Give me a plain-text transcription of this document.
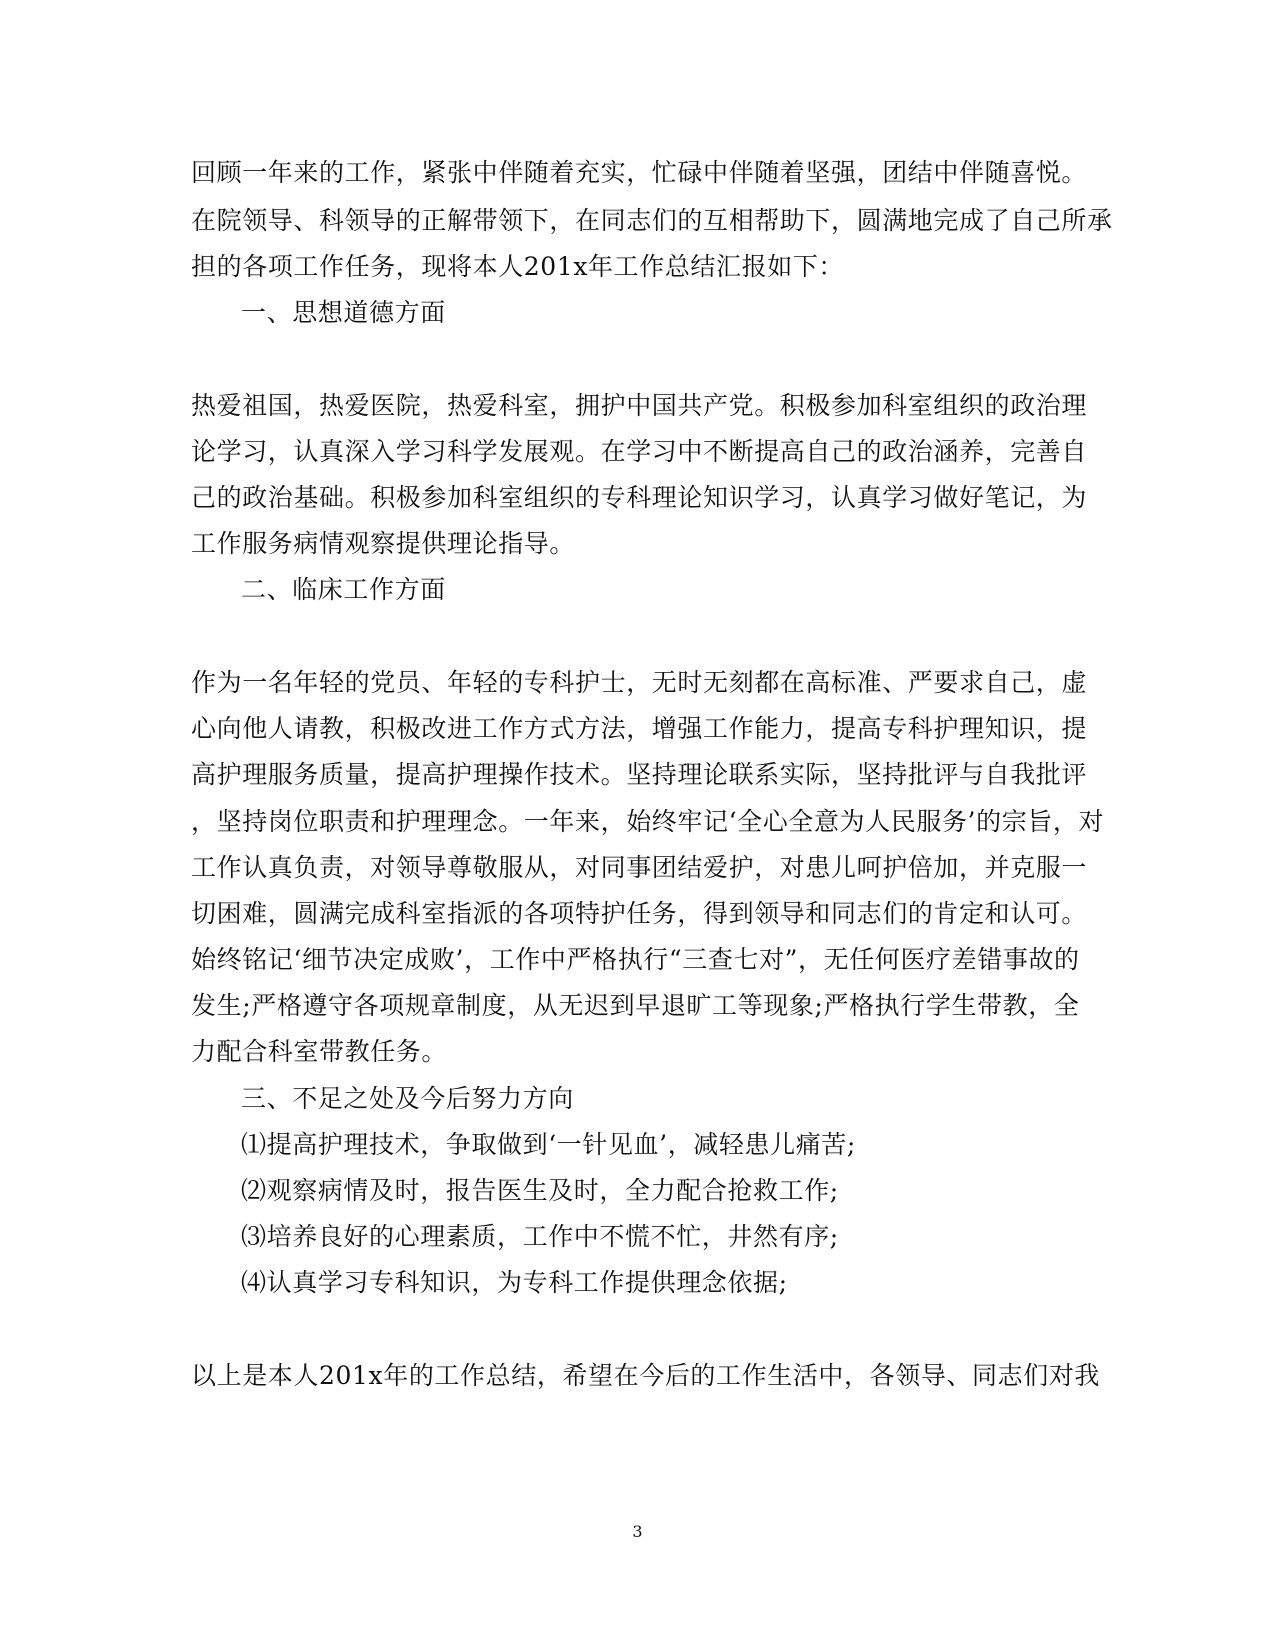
回顾一年来的工作，紧张中伴随着充实，忙碌中伴随着坚强，团结中伴随喜悦。
在院领导、科领导的正解带领下，在同志们的互相帮助下，圆满地完成了自己所承
担的各项工作任务，现将本人201x年工作总结汇报如下：
一、思想道德方面
热爱祖国，热爱医院，热爱科室，拥护中国共产党。积极参加科室组织的政治理
论学习，认真深入学习科学发展观。在学习中不断提高自己的政治涵养，完善自
己的政治基础。积极参加科室组织的专科理论知识学习，认真学习做好笔记，为
工作服务病情观察提供理论指导。
二、临床工作方面
作为一名年轻的党员、年轻的专科护士，无时无刻都在高标准、严要求自己，虚
心向他人请教，积极改进工作方式方法，增强工作能力，提高专科护理知识，提
高护理服务质量，提高护理操作技术。坚持理论联系实际，坚持批评与自我批评
，坚持岗位职责和护理理念。一年来，始终牢记‘全心全意为人民服务’的宗旨，对
工作认真负责，对领导尊敬服从，对同事团结爱护，对患儿呵护倍加，并克服一
切困难，圆满完成科室指派的各项特护任务，得到领导和同志们的肯定和认可。
始终铭记‘细节决定成败’，工作中严格执行“三查七对”，无任何医疗差错事故的
发生;严格遵守各项规章制度，从无迟到早退旷工等现象;严格执行学生带教，全
力配合科室带教任务。
三、不足之处及今后努力方向
⑴提高护理技术，争取做到‘一针见血’，减轻患儿痛苦;
⑵观察病情及时，报告医生及时，全力配合抢救工作;
⑶培养良好的心理素质，工作中不慌不忙，井然有序;
⑷认真学习专科知识，为专科工作提供理念依据;
以上是本人201x年的工作总结，希望在今后的工作生活中，各领导、同志们对我
3
